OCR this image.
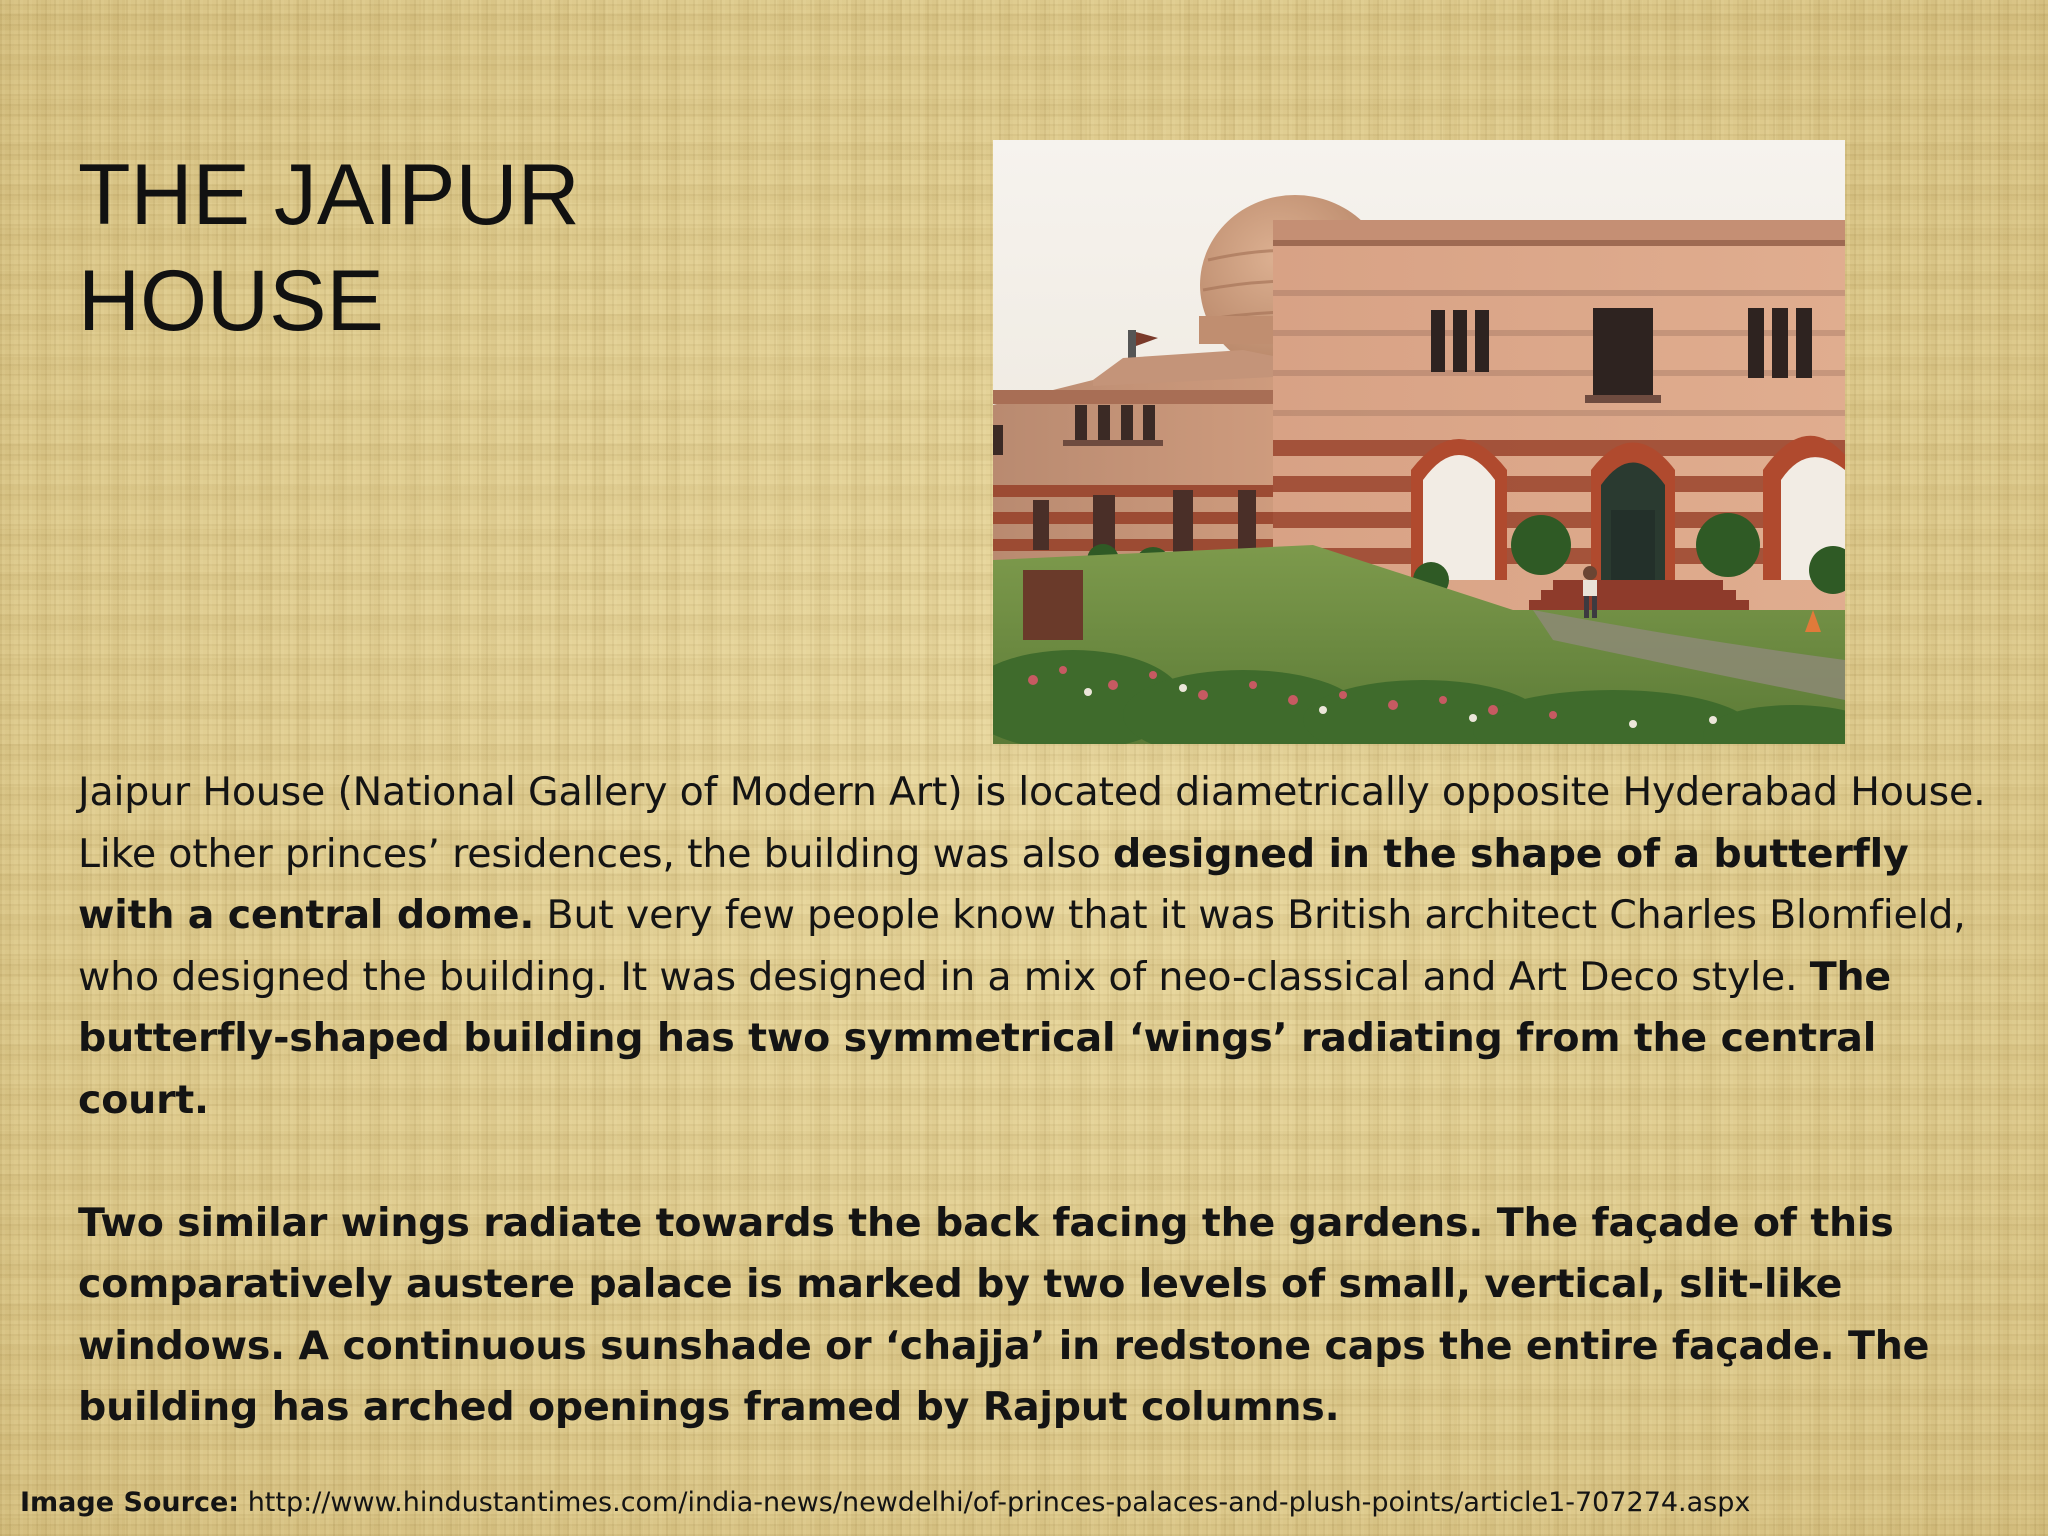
THE JAIPUR
HOUSE

Jaipur House (National Gallery of Modern Art) is located diametrically opposite Hyderabad House. Like other princes’ residences, the building was also designed in the shape of a butterfly with a central dome. But very few people know that it was British architect Charles Blomfield, who designed the building. It was designed in a mix of neo-classical and Art Deco style. The butterfly-shaped building has two symmetrical ‘wings’ radiating from the central court.

Two similar wings radiate towards the back facing the gardens. The façade of this comparatively austere palace is marked by two levels of small, vertical, slit-like windows. A continuous sunshade or ‘chajja’ in redstone caps the entire façade. The building has arched openings framed by Rajput columns.

Image Source: http://www.hindustantimes.com/india-news/newdelhi/of-princes-palaces-and-plush-points/article1-707274.aspx
